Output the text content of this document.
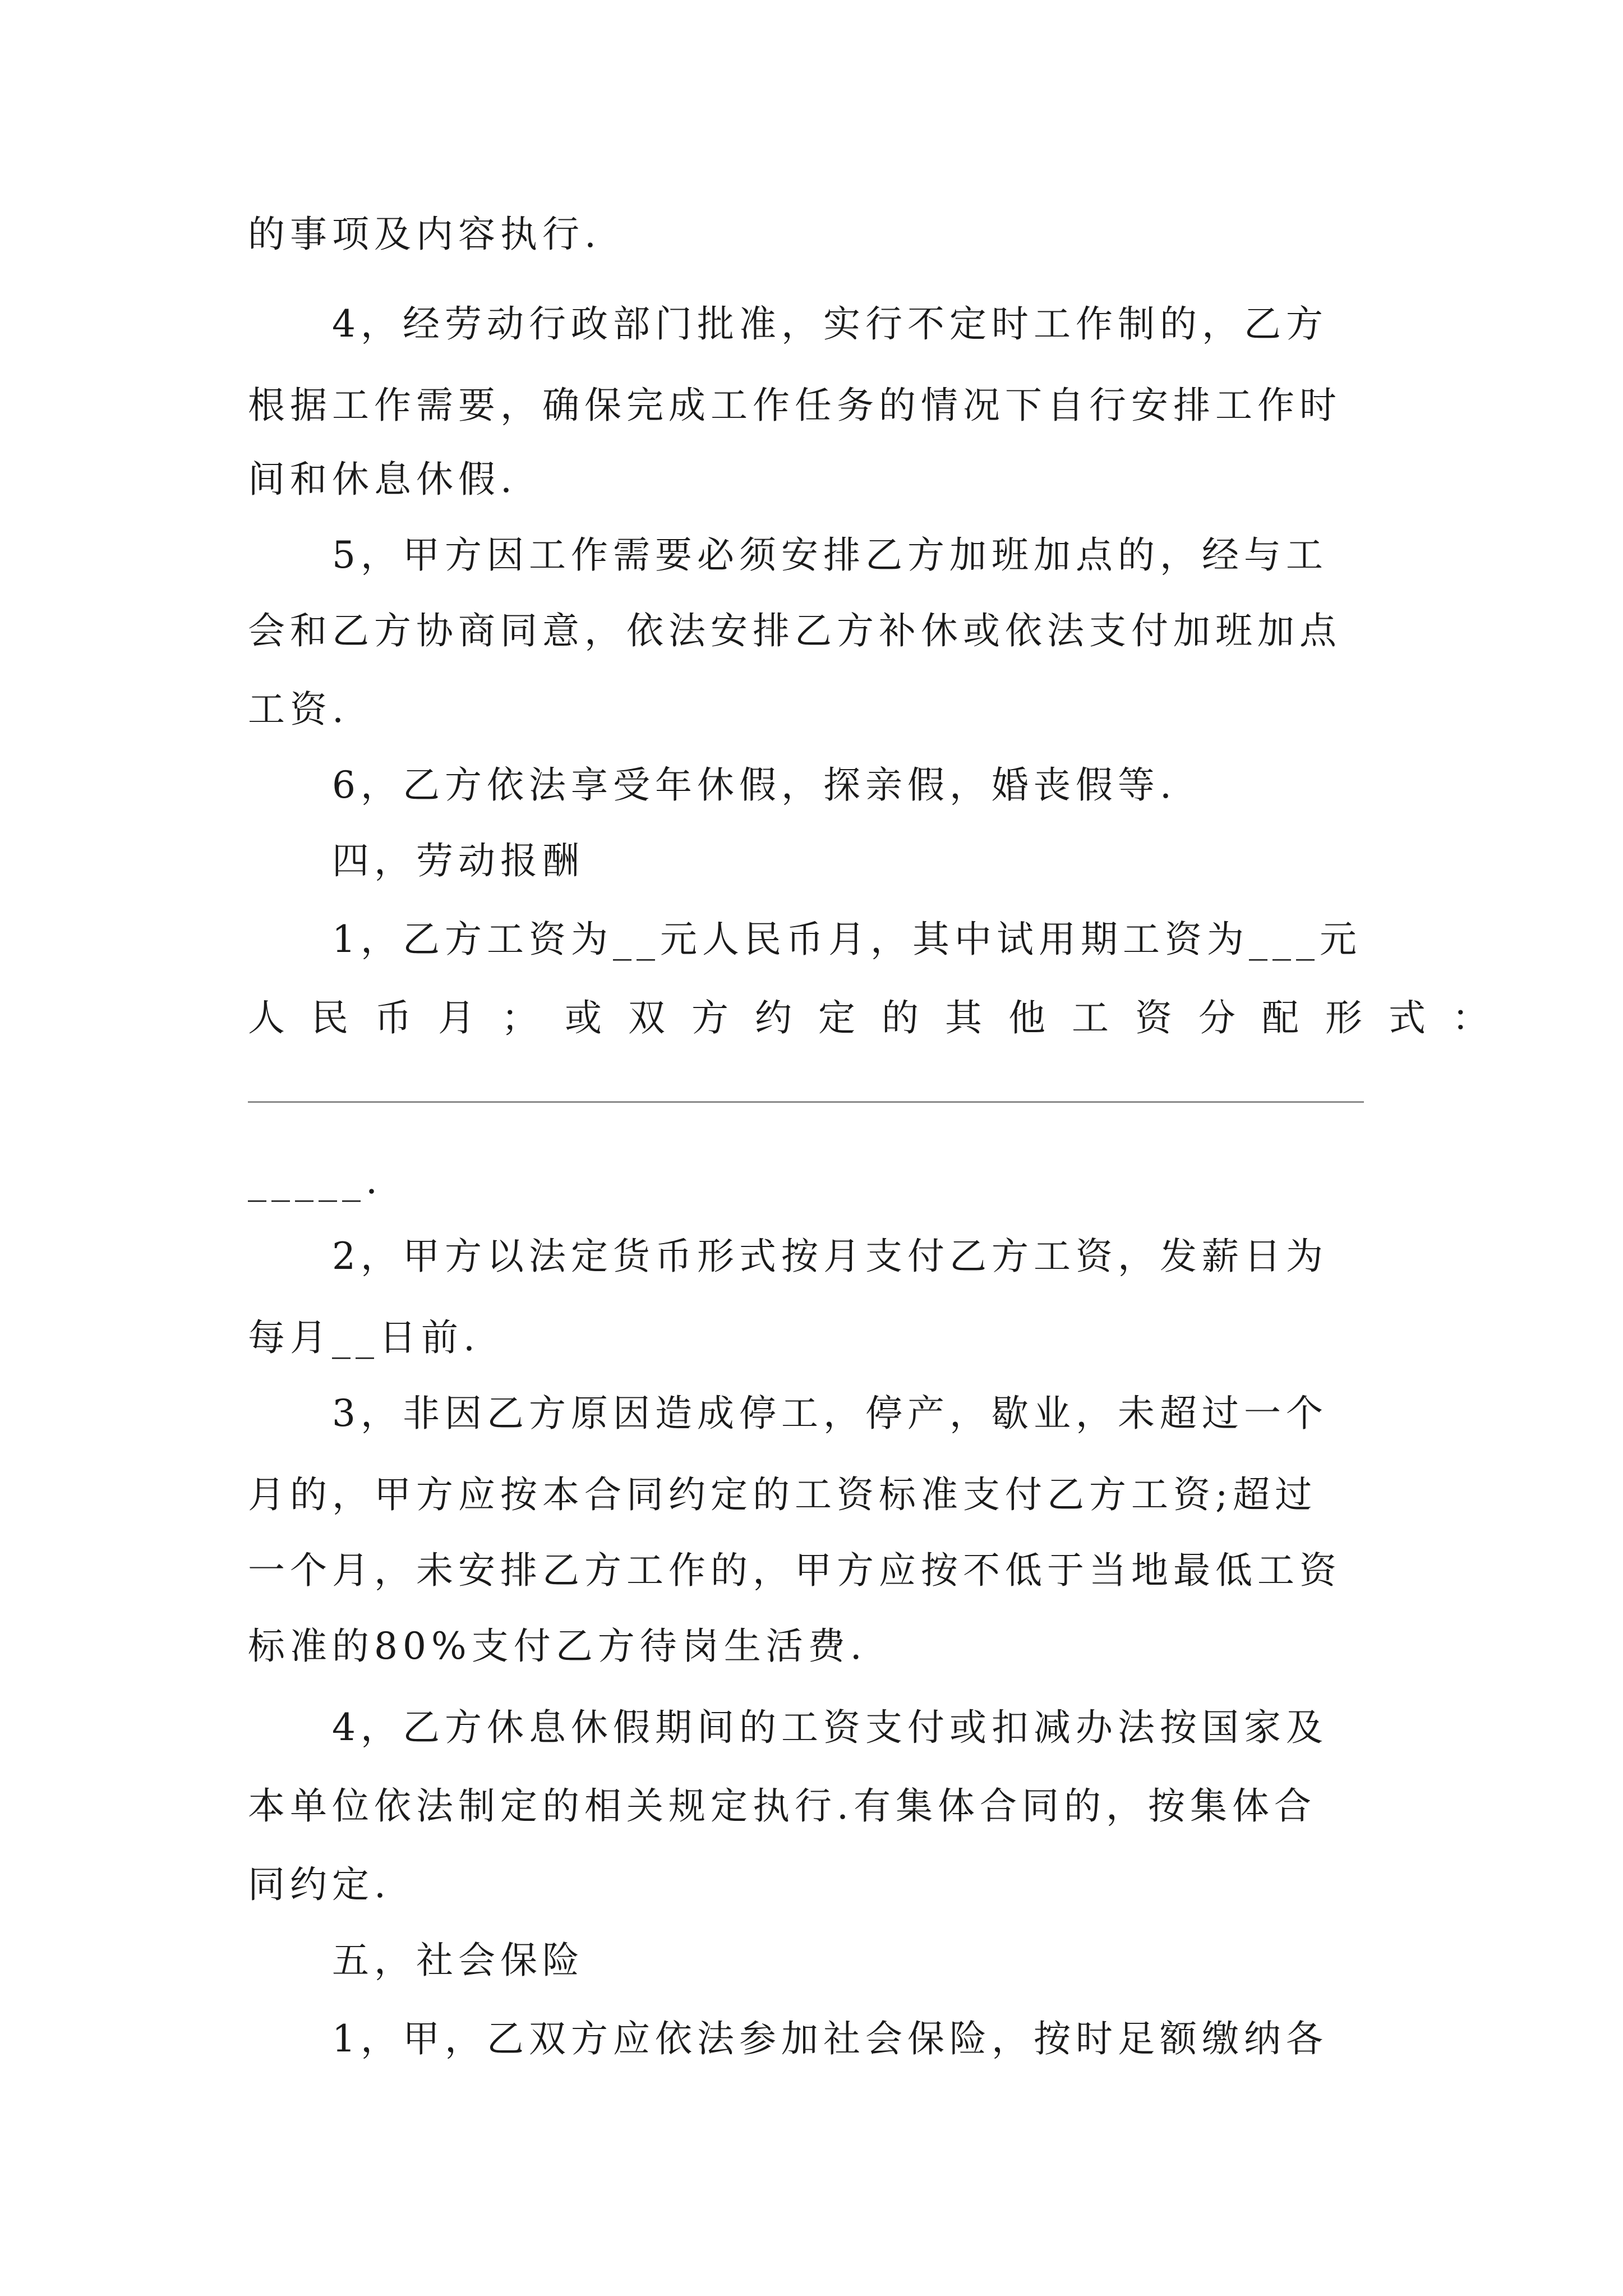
的事项及内容执行.
4，经劳动行政部门批准，实行不定时工作制的，乙方
根据工作需要，确保完成工作任务的情况下自行安排工作时
间和休息休假.
5，甲方因工作需要必须安排乙方加班加点的，经与工
会和乙方协商同意，依法安排乙方补休或依法支付加班加点
工资.
6，乙方依法享受年休假，探亲假，婚丧假等.
四，劳动报酬
1，乙方工资为__元人民币月，其中试用期工资为___元
人民币月；或双方约定的其他工资分配形式：
_____.
2，甲方以法定货币形式按月支付乙方工资，发薪日为
每月__日前.
3，非因乙方原因造成停工，停产，歇业，未超过一个
月的，甲方应按本合同约定的工资标准支付乙方工资;超过
一个月，未安排乙方工作的，甲方应按不低于当地最低工资
标准的80%支付乙方待岗生活费.
4，乙方休息休假期间的工资支付或扣减办法按国家及
本单位依法制定的相关规定执行.有集体合同的，按集体合
同约定.
五，社会保险
1，甲，乙双方应依法参加社会保险，按时足额缴纳各
